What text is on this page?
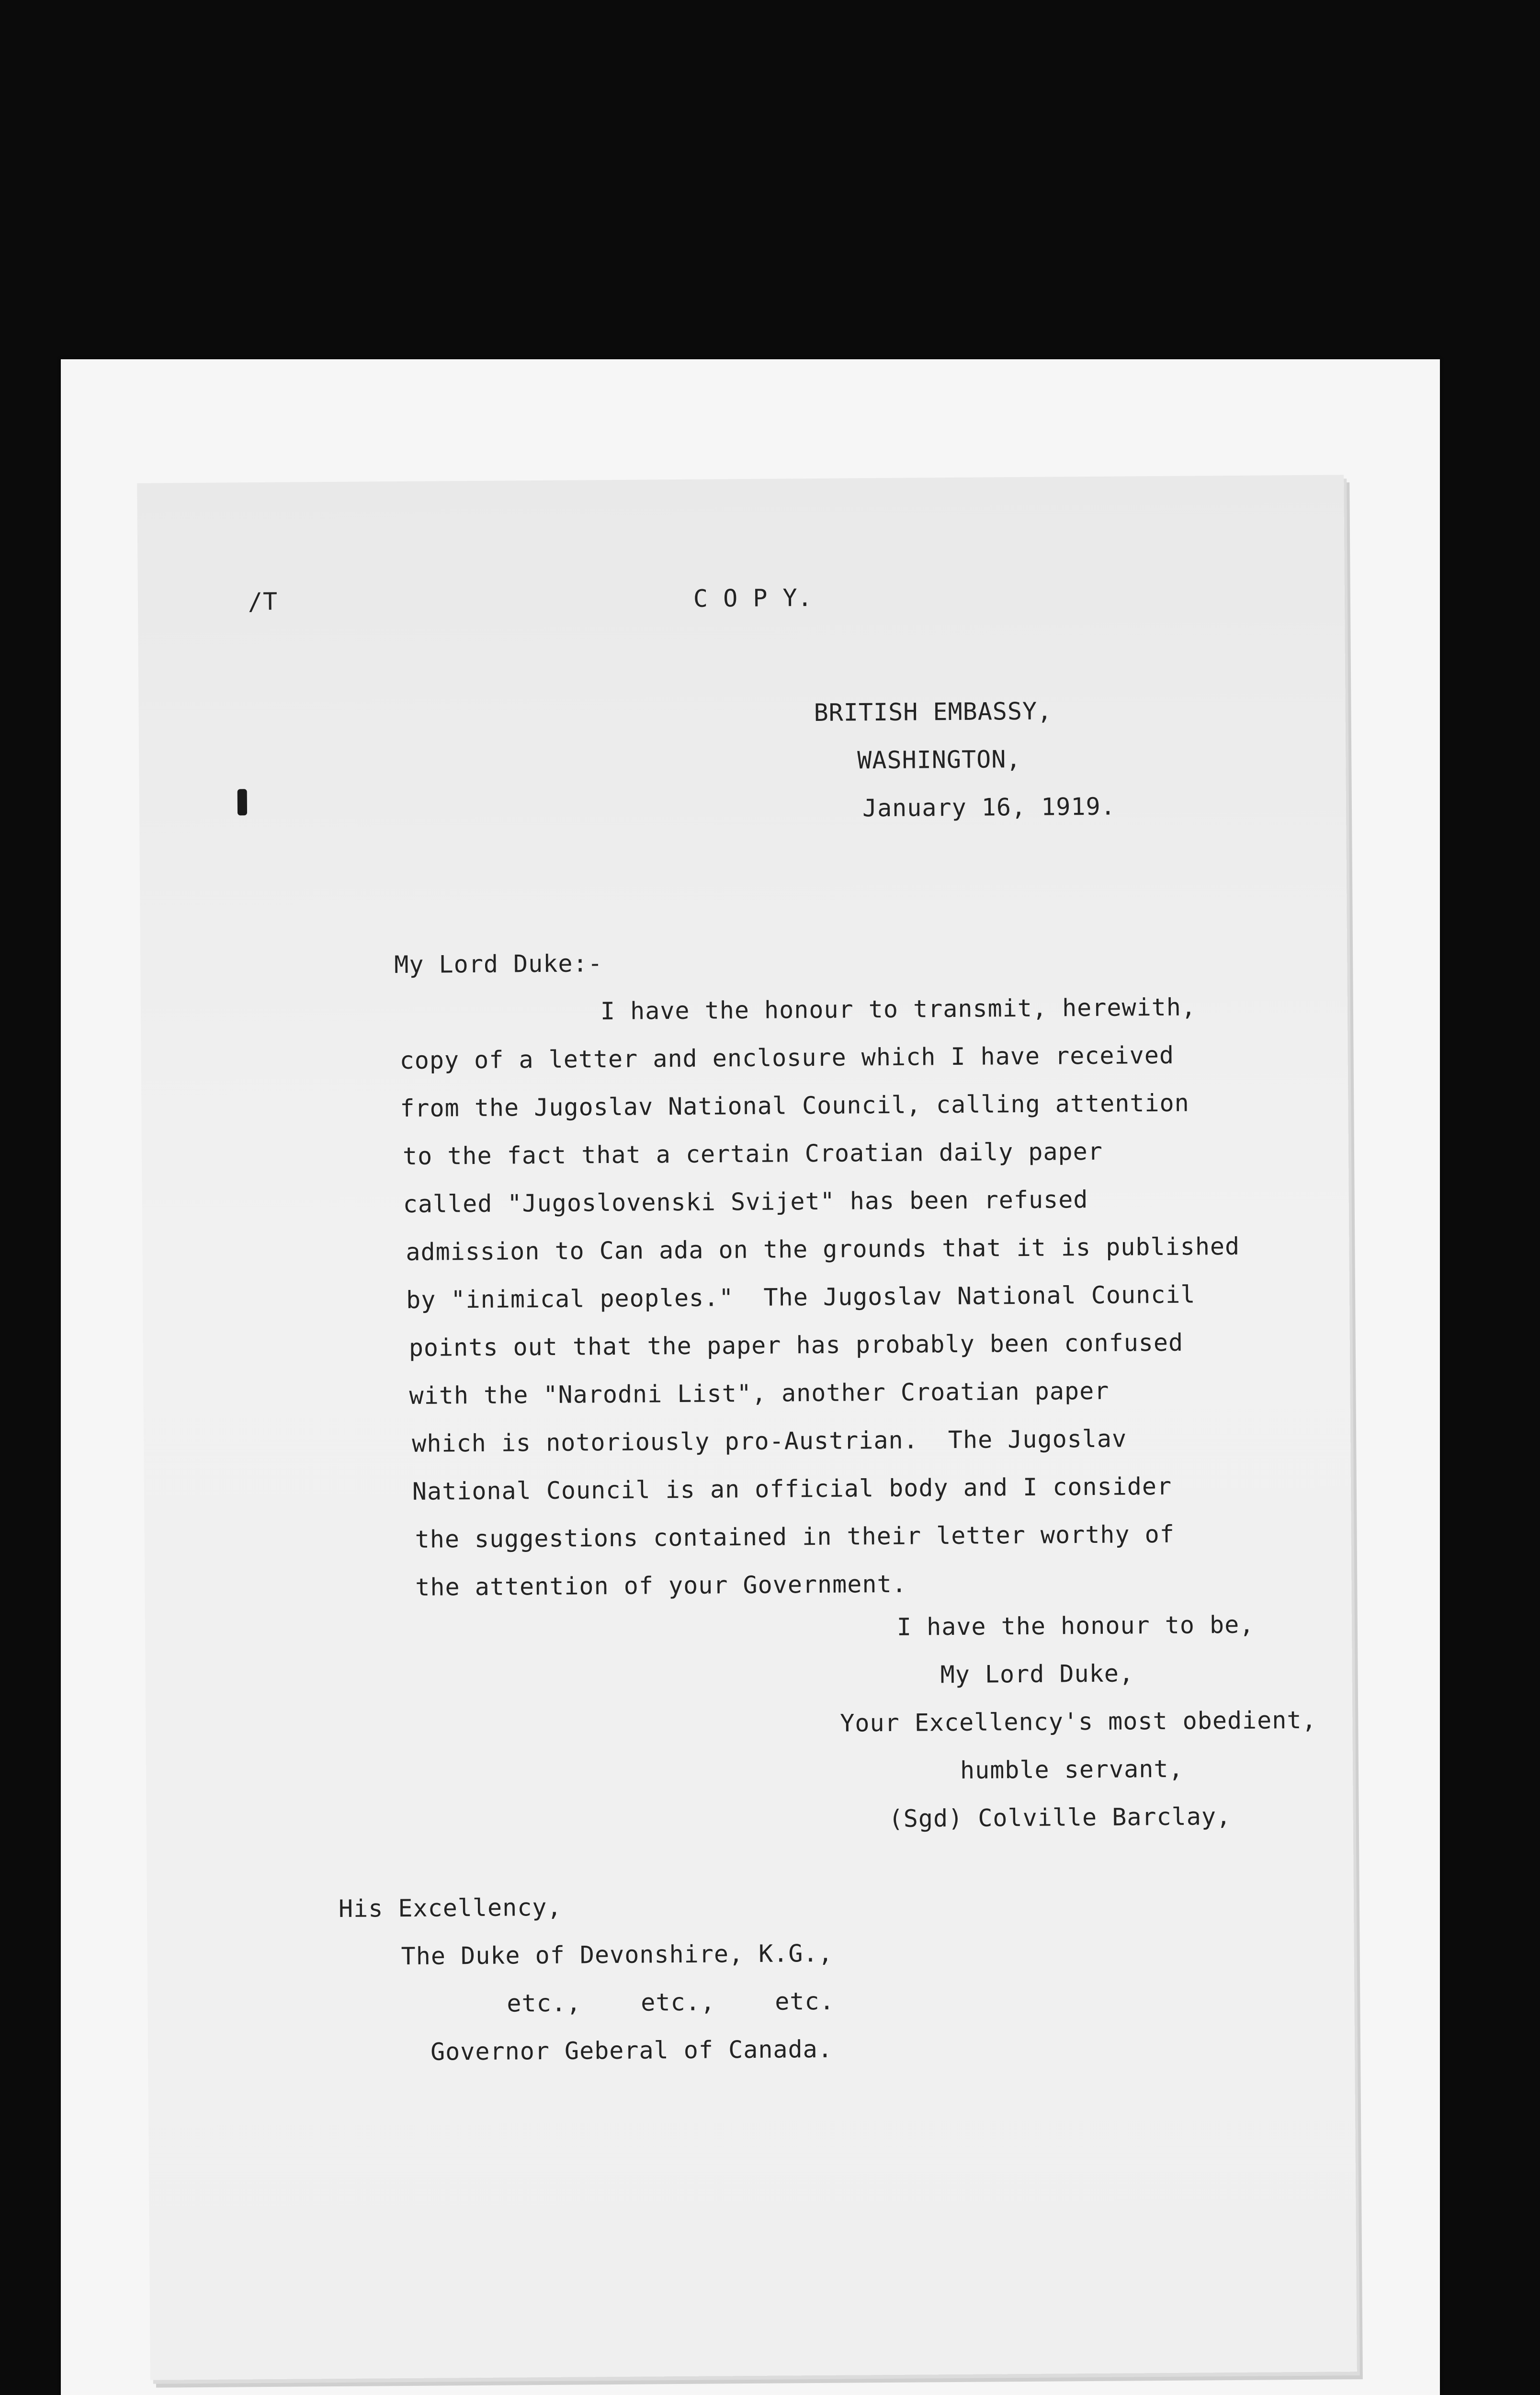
/T	C O P Y.
BRITISH EMBASSY,
WASHINGTON,
January 16, 1919.
My Lord Duke:-
I have the honour to transmit, herewith,
copy of a letter and enclosure which I have received
from the Jugoslav National Council, calling attention
to the fact that a certain Croatian daily paper
called "Jugoslovenski Svijet" has been refused
admission to Can ada on the grounds that it is published
by "inimical peoples."  The Jugoslav National Council
points out that the paper has probably been confused
with the "Narodni List", another Croatian paper
which is notoriously pro-Austrian.  The Jugoslav
National Council is an official body and I consider
the suggestions contained in their letter worthy of
the attention of your Government.
I have the honour to be,
My Lord Duke,
Your Excellency's most obedient,
humble servant,
(Sgd) Colville Barclay,
His Excellency,
The Duke of Devonshire, K.G.,
etc.,    etc.,    etc.
Governor Geberal of Canada.
